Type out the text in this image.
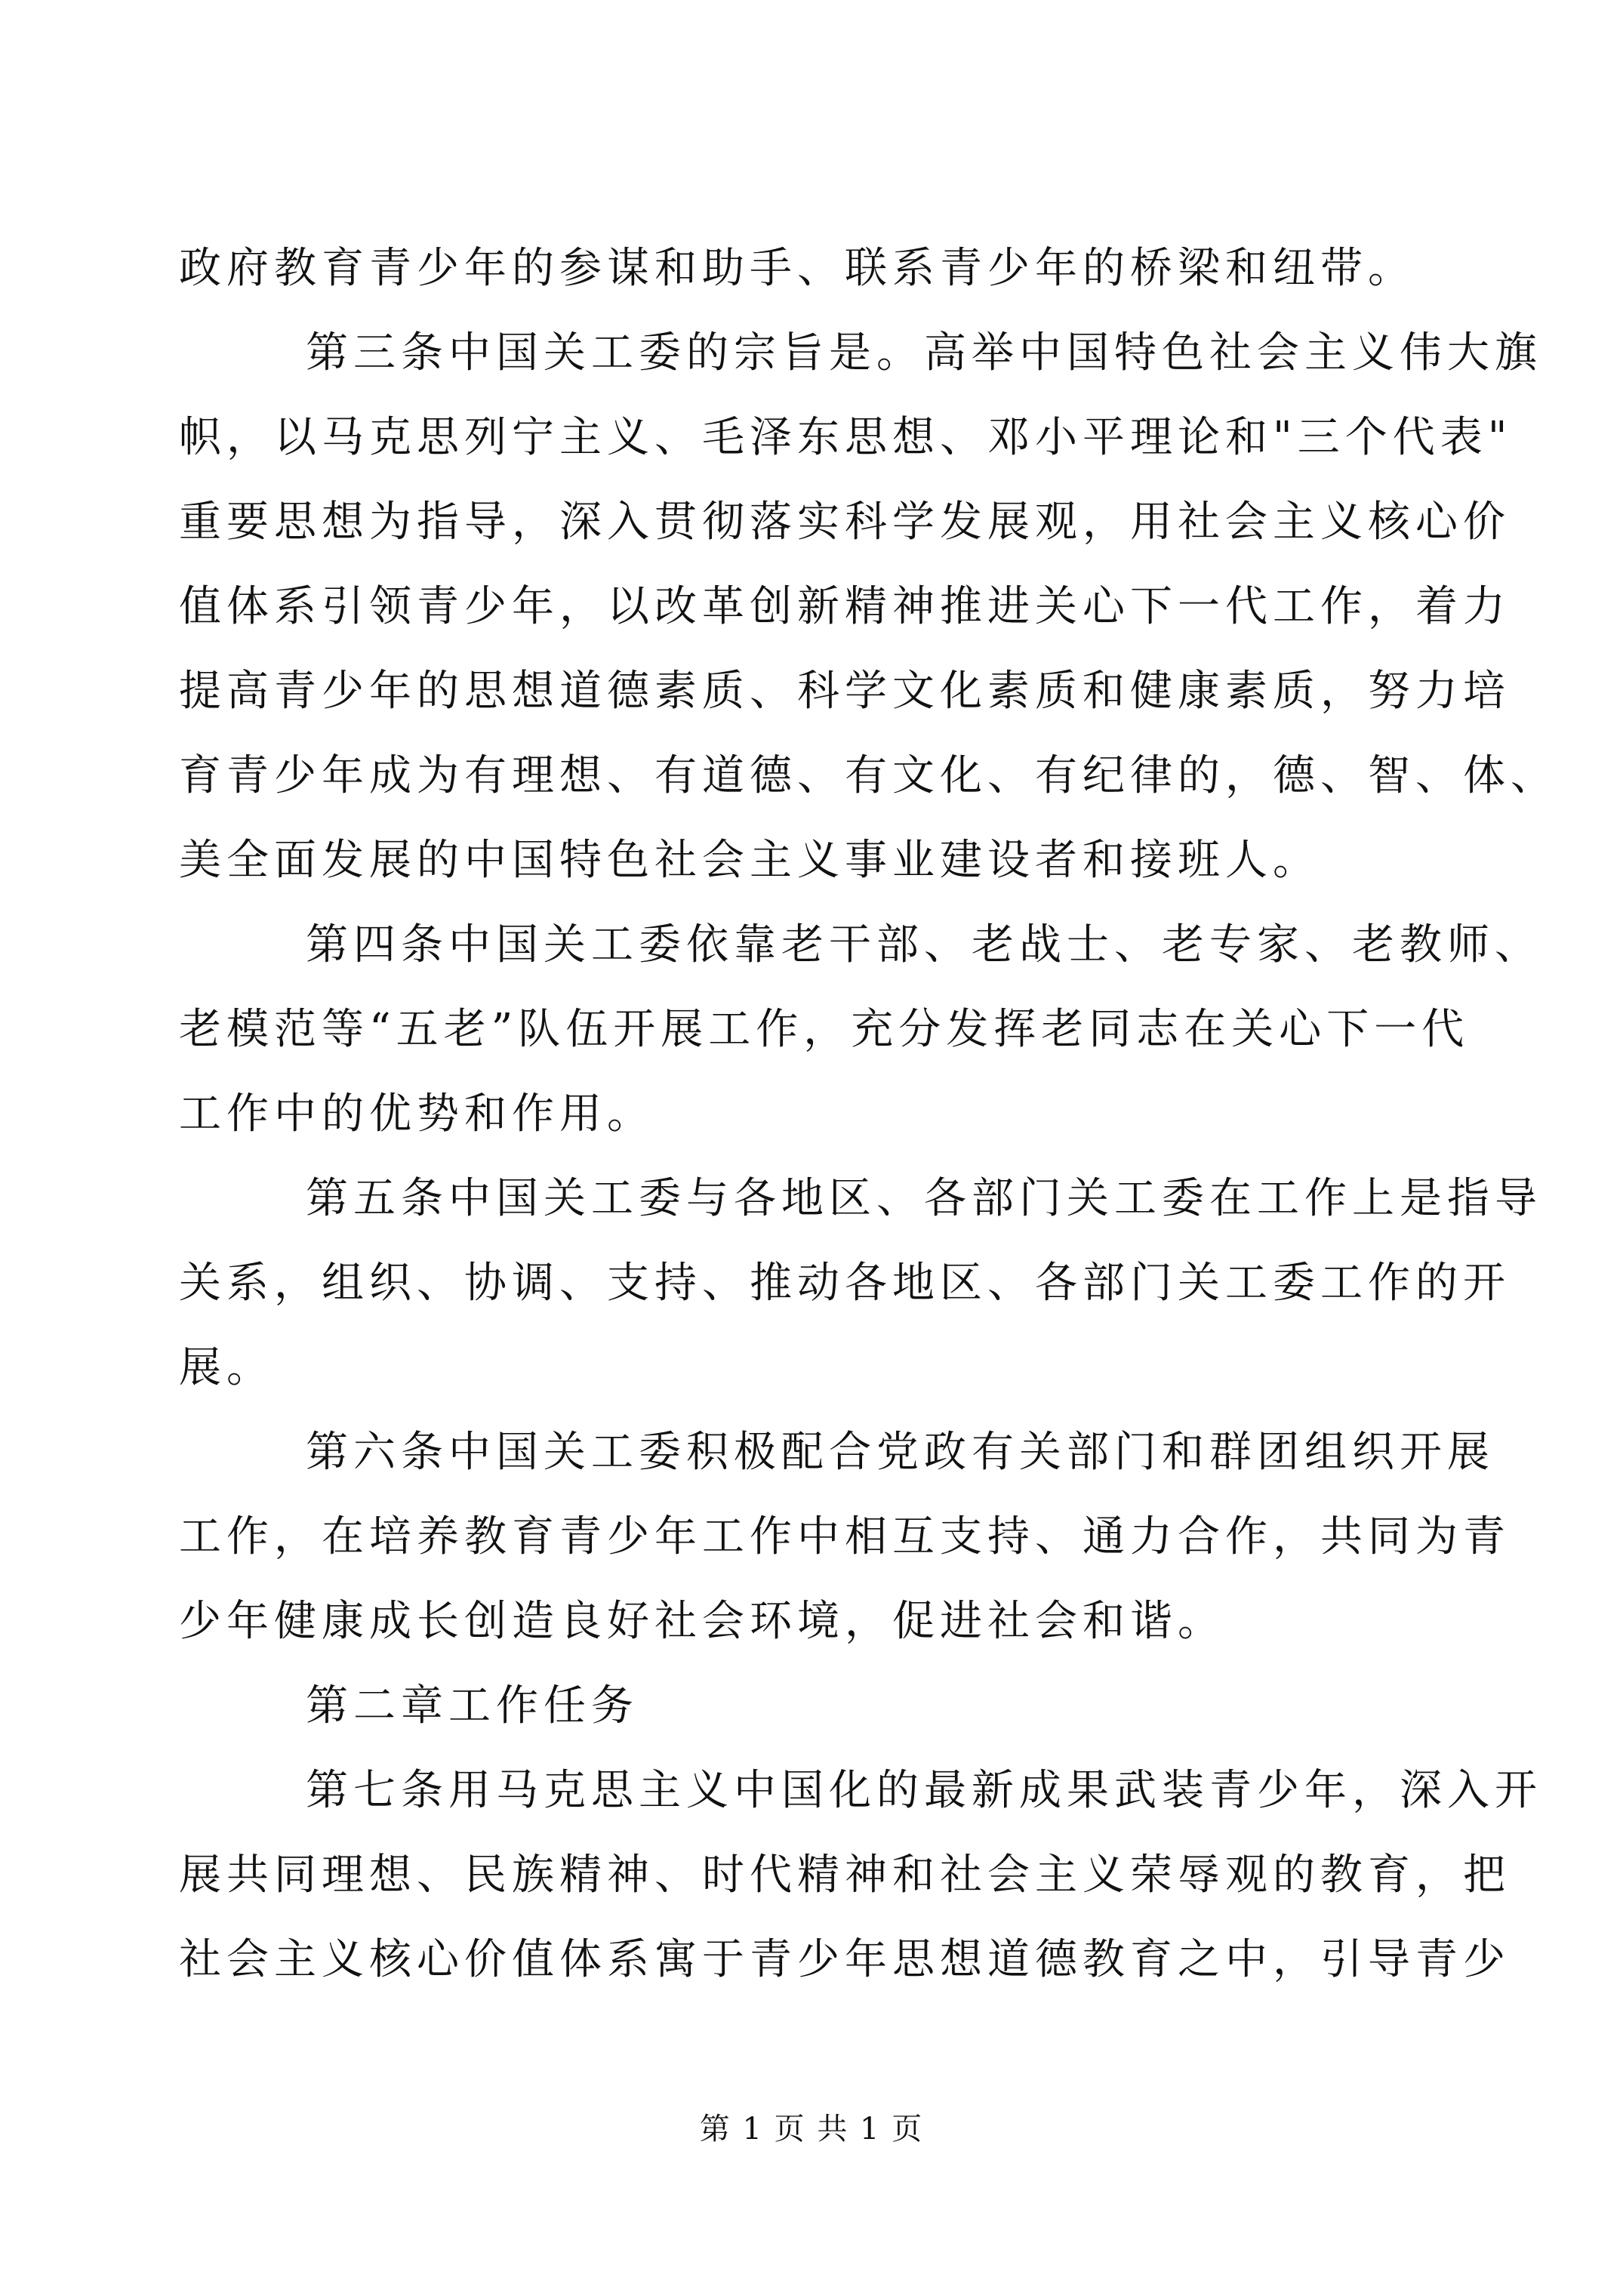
政府教育青少年的参谋和助手、联系青少年的桥梁和纽带。
第三条中国关工委的宗旨是。高举中国特色社会主义伟大旗
帜，以马克思列宁主义、毛泽东思想、邓小平理论和"三个代表"
重要思想为指导，深入贯彻落实科学发展观，用社会主义核心价
值体系引领青少年，以改革创新精神推进关心下一代工作，着力
提高青少年的思想道德素质、科学文化素质和健康素质，努力培
育青少年成为有理想、有道德、有文化、有纪律的，德、智、体、
美全面发展的中国特色社会主义事业建设者和接班人。
第四条中国关工委依靠老干部、老战士、老专家、老教师、
老模范等“五老”队伍开展工作，充分发挥老同志在关心下一代
工作中的优势和作用。
第五条中国关工委与各地区、各部门关工委在工作上是指导
关系，组织、协调、支持、推动各地区、各部门关工委工作的开
展。
第六条中国关工委积极配合党政有关部门和群团组织开展
工作，在培养教育青少年工作中相互支持、通力合作，共同为青
少年健康成长创造良好社会环境，促进社会和谐。
第二章工作任务
第七条用马克思主义中国化的最新成果武装青少年，深入开
展共同理想、民族精神、时代精神和社会主义荣辱观的教育，把
社会主义核心价值体系寓于青少年思想道德教育之中，引导青少
第 1 页 共 1 页
